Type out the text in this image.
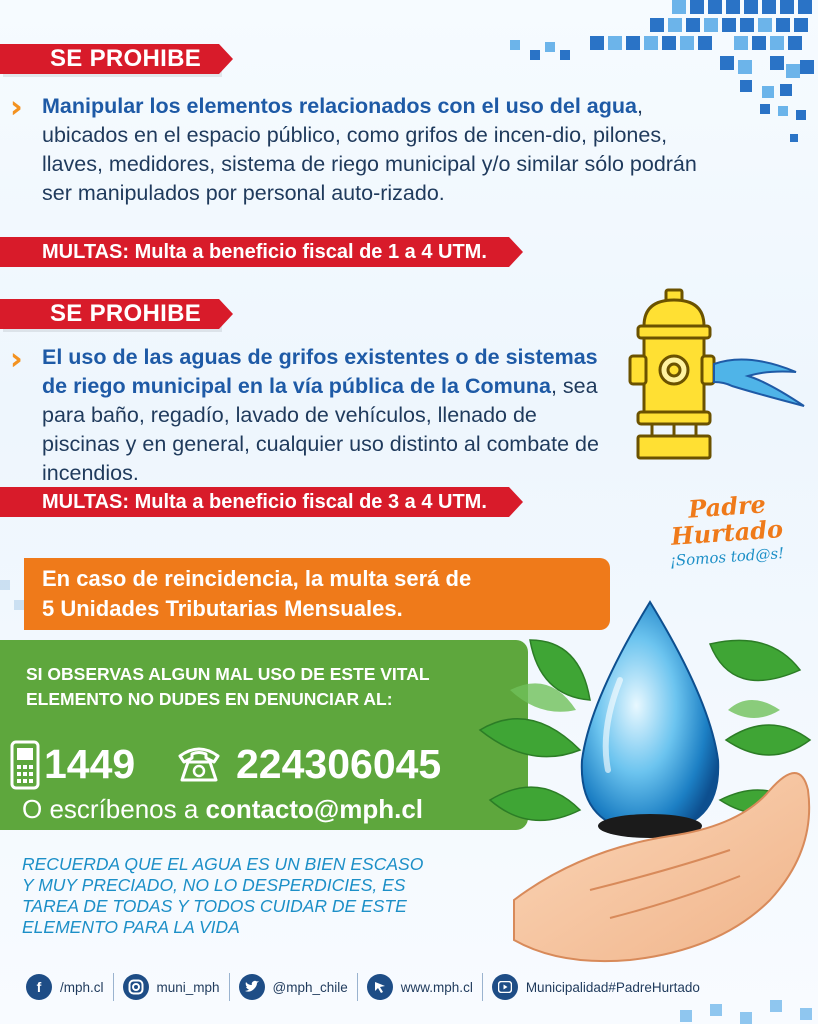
SE PROHIBE
›› Manipular los elementos relacionados con el uso del agua, ubicados en el espacio público, como grifos de incen-dio, pilones, llaves, medidores, sistema de riego municipal y/o similar sólo podrán ser manipulados por personal auto-rizado.
MULTAS: Multa a beneficio fiscal de 1 a 4 UTM.
SE PROHIBE
›› El uso de las aguas de grifos existentes o de sistemas de riego municipal en la vía pública de la Comuna, sea para baño, regadío, lavado de vehículos, llenado de piscinas y en general, cualquier uso distinto al combate de incendios.
MULTAS: Multa a beneficio fiscal de 3 a 4 UTM.	Padre
Hurtado
¡Somos tod@s!
En caso de reincidencia, la multa será de
5 Unidades Tributarias Mensuales.
SI OBSERVAS ALGUN MAL USO DE ESTE VITAL
ELEMENTO NO DUDES EN DENUNCIAR AL:
1449 224306045
O escríbenos a contacto@mph.cl
RECUERDA QUE EL AGUA ES UN BIEN ESCASO
Y MUY PRECIADO, NO LO DESPERDICIES, ES
TAREA DE TODAS Y TODOS CUIDAR DE ESTE
ELEMENTO PARA LA VIDA
f	/mph.cl	muni_mph	@mph_chile	www.mph.cl	Municipalidad#PadreHurtado
